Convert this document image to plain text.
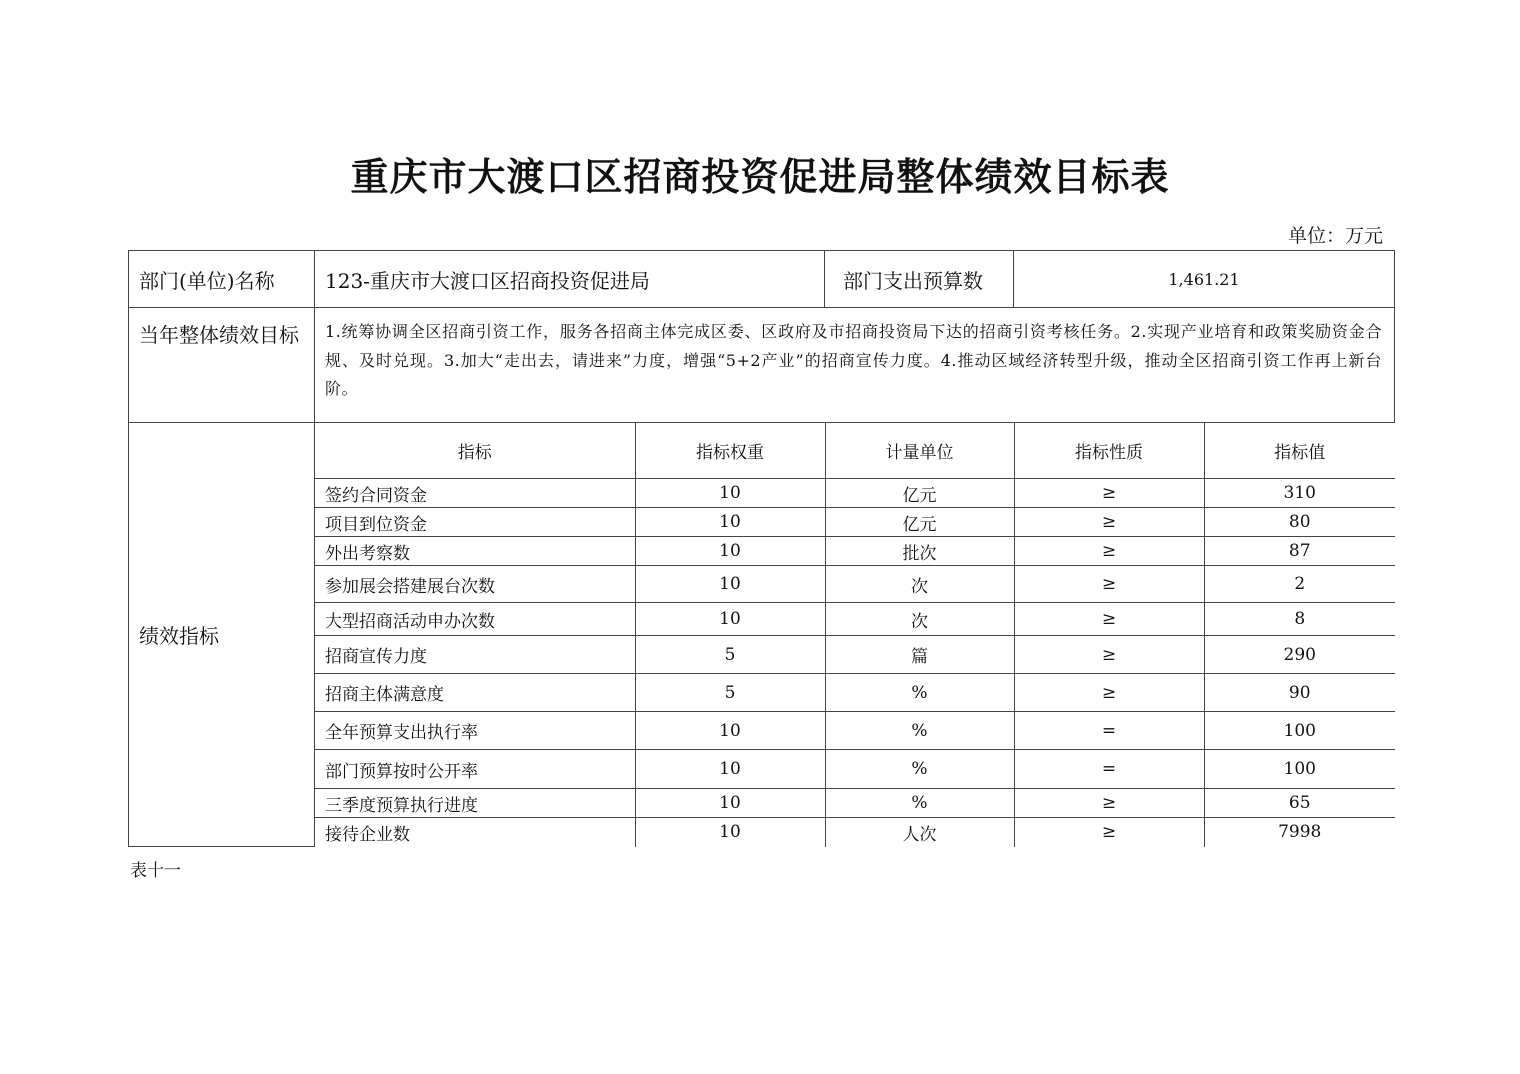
重庆市大渡口区招商投资促进局整体绩效目标表
单位：万元
部门(单位)名称	123-重庆市大渡口区招商投资促进局	部门支出预算数	1,461.21
当年整体绩效目标	1.统筹协调全区招商引资工作，服务各招商主体完成区委、区政府及市招商投资局下达的招商引资考核任务。2.实现产业培育和政策奖励资金合规、及时兑现。3.加大“走出去，请进来”力度，增强“5+2产业”的招商宣传力度。4.推动区域经济转型升级，推动全区招商引资工作再上新台阶。
绩效指标	
指标	指标权重	计量单位	指标性质	指标值
签约合同资金	10	亿元	≥	310
项目到位资金	10	亿元	≥	80
外出考察数	10	批次	≥	87
参加展会搭建展台次数	10	次	≥	2
大型招商活动申办次数	10	次	≥	8
招商宣传力度	5	篇	≥	290
招商主体满意度	5	%	≥	90
全年预算支出执行率	10	%	=	100
部门预算按时公开率	10	%	=	100
三季度预算执行进度	10	%	≥	65
接待企业数	10	人次	≥	7998
表十一
